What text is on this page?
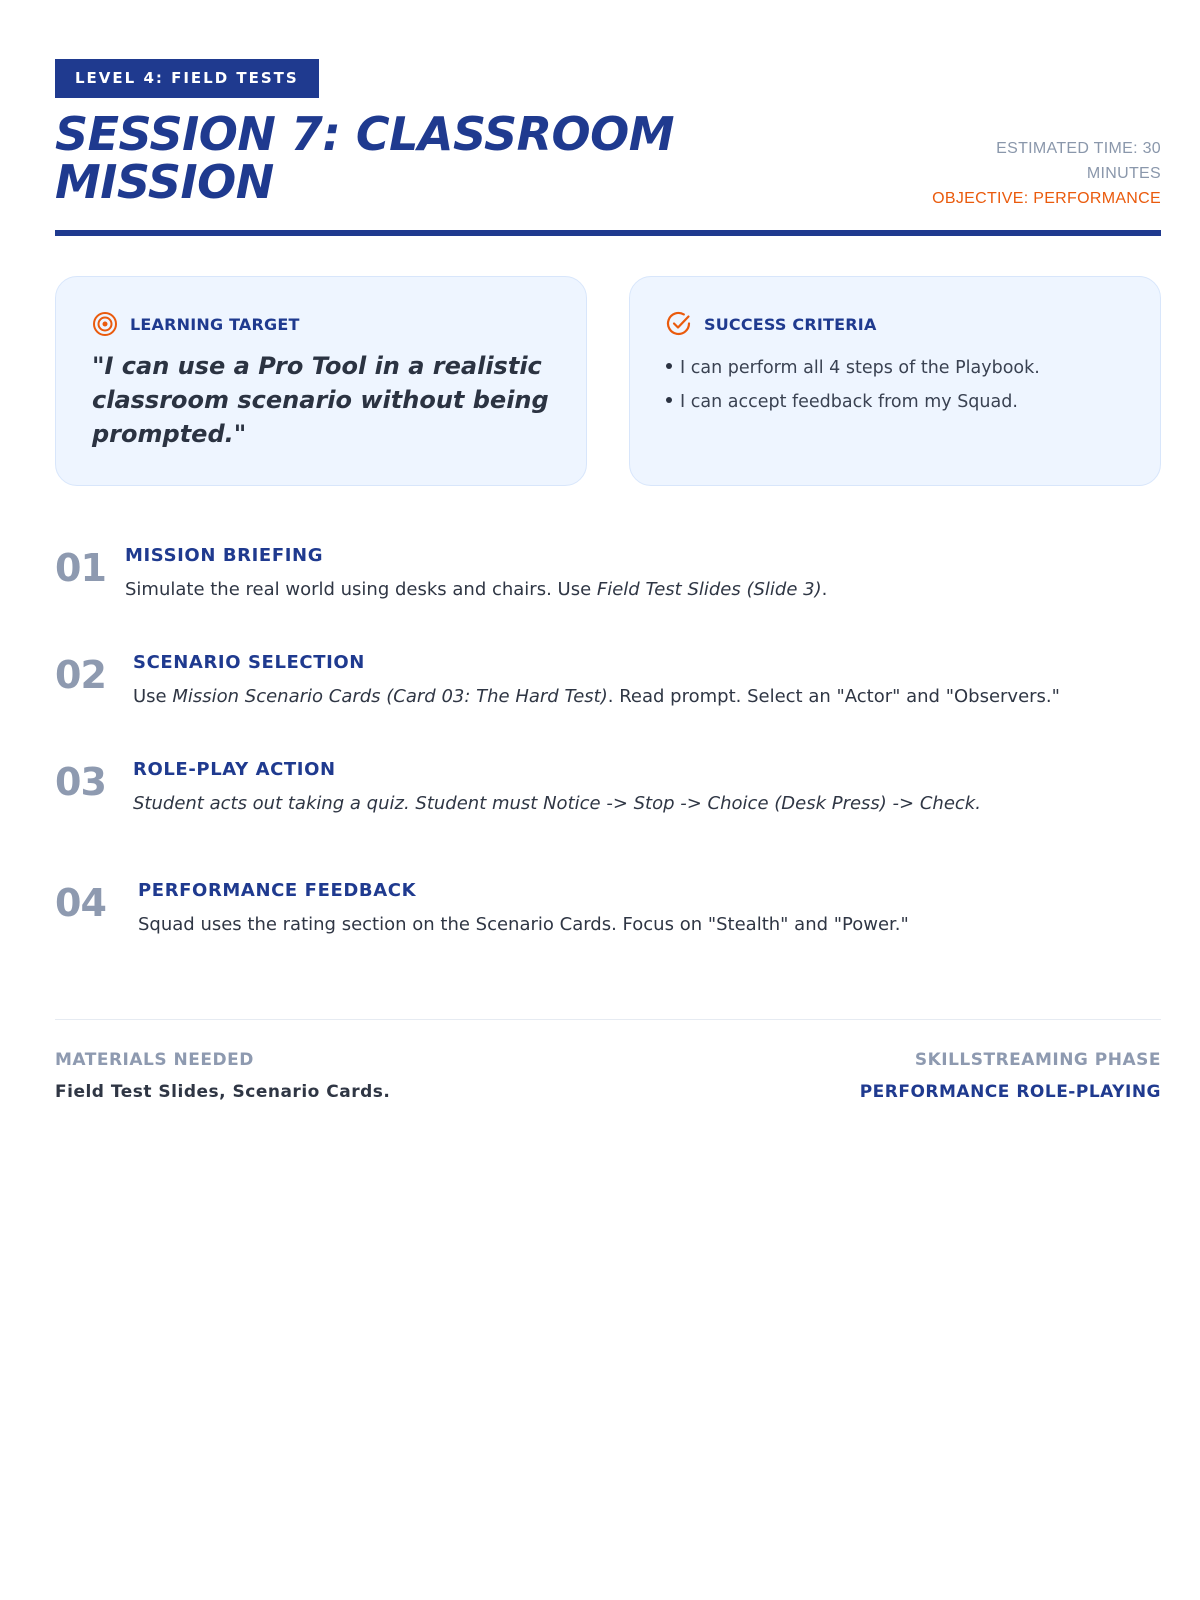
LEVEL 4: FIELD TESTS
SESSION 7: CLASSROOM MISSION
ESTIMATED TIME: 30 MINUTES
OBJECTIVE: PERFORMANCE
LEARNING TARGET
"I can use a Pro Tool in a realistic classroom scenario without being prompted."
SUCCESS CRITERIA
I can perform all 4 steps of the Playbook.
I can accept feedback from my Squad.
01 MISSION BRIEFING
Simulate the real world using desks and chairs. Use Field Test Slides (Slide 3).
02 SCENARIO SELECTION
Use Mission Scenario Cards (Card 03: The Hard Test). Read prompt. Select an "Actor" and "Observers."
03 ROLE-PLAY ACTION
Student acts out taking a quiz. Student must Notice -> Stop -> Choice (Desk Press) -> Check.
04 PERFORMANCE FEEDBACK
Squad uses the rating section on the Scenario Cards. Focus on "Stealth" and "Power."
MATERIALS NEEDED
Field Test Slides, Scenario Cards.
SKILLSTREAMING PHASE
PERFORMANCE ROLE-PLAYING
